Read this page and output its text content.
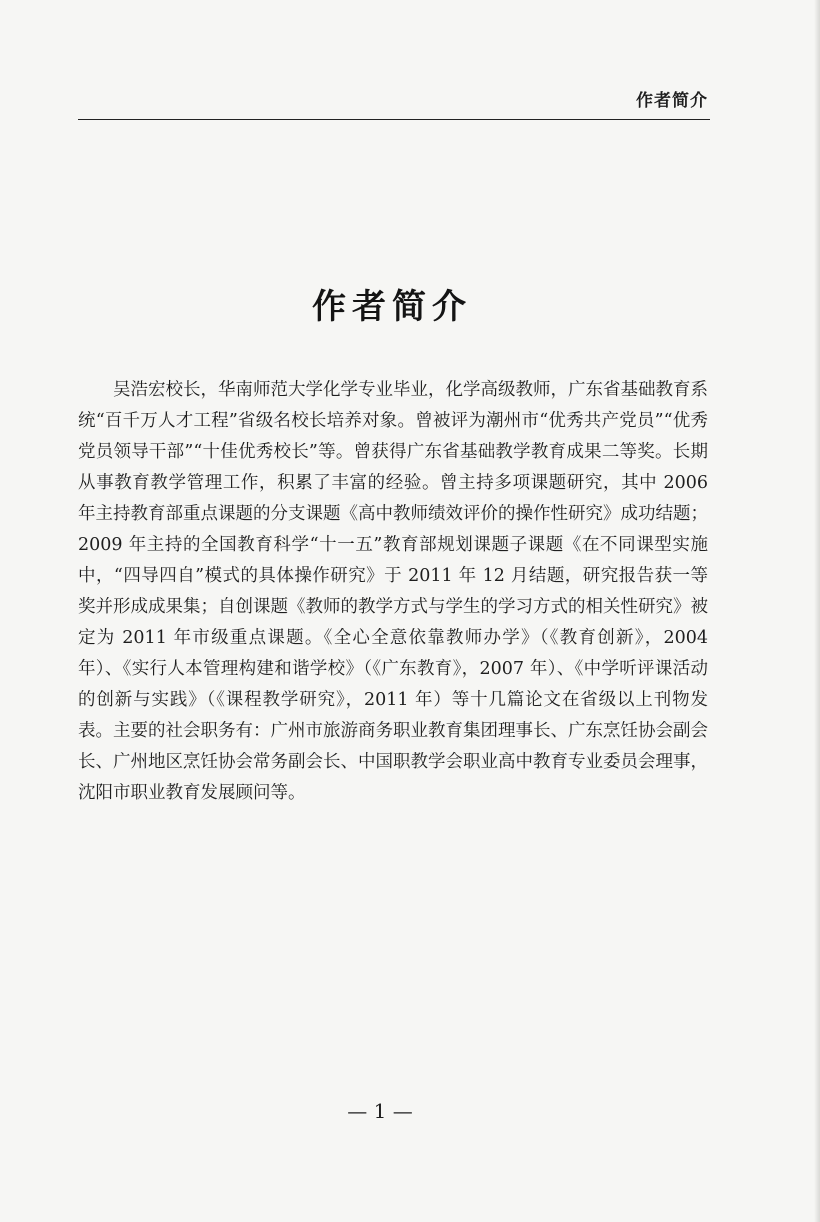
作者简介
作者简介

吴浩宏校长，华南师范大学化学专业毕业，化学高级教师，广东省基础教育系统“百千万人才工程”省级名校长培养对象。曾被评为潮州市“优秀共产党员”“优秀党员领导干部”“十佳优秀校长”等。曾获得广东省基础教学教育成果二等奖。长期从事教育教学管理工作，积累了丰富的经验。曾主持多项课题研究，其中 2006 年主持教育部重点课题的分支课题《高中教师绩效评价的操作性研究》成功结题；2009 年主持的全国教育科学“十一五”教育部规划课题子课题《在不同课型实施中，“四导四自”模式的具体操作研究》于 2011 年 12 月结题，研究报告获一等奖并形成成果集；自创课题《教师的教学方式与学生的学习方式的相关性研究》被定为 2011 年市级重点课题。《全心全意依靠教师办学》（《教育创新》，2004 年）、《实行人本管理构建和谐学校》（《广东教育》，2007 年）、《中学听评课活动的创新与实践》（《课程教学研究》，2011 年）等十几篇论文在省级以上刊物发表。主要的社会职务有：广州市旅游商务职业教育集团理事长、广东烹饪协会副会长、广州地区烹饪协会常务副会长、中国职教学会职业高中教育专业委员会理事，沈阳市职业教育发展顾问等。

— 1 —
